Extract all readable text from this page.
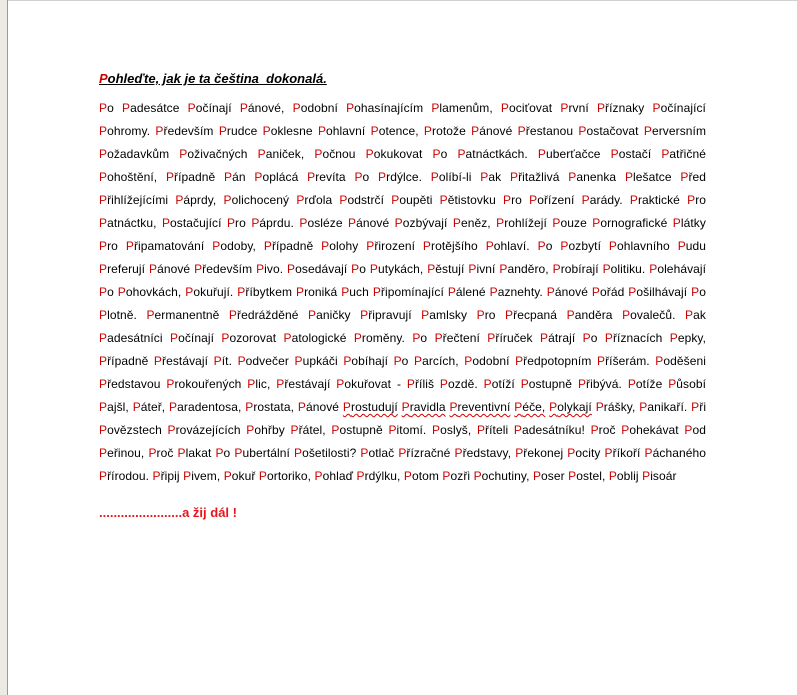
Pohleďte, jak je ta čeština  dokonalá.

Po Padesátce Počínají Pánové, Podobní Pohasínajícím Plamenům, Pociťovat První Příznaky Počínající Pohromy. Především Prudce Poklesne Pohlavní Potence, Protože Pánové Přestanou Postačovat Perversním Požadavkům Poživačných Paniček, Počnou Pokukovat Po Patnáctkách. Puberťačce Postačí Patřičné Pohoštění, Případně Pán Poplácá Prevíta Po Prdýlce. Políbí-li Pak Přitažlivá Panenka Plešatce Před Přihlížejícími Páprdy, Polichocený Prďola Podstrčí Poupěti Pětistovku Pro Pořízení Parády. Praktické Pro Patnáctku, Postačující Pro Páprdu. Posléze Pánové Pozbývají Peněz, Prohlížejí Pouze Pornografické Plátky Pro Připamatování Podoby, Případně Polohy Přirození Protějšího Pohlaví. Po Pozbytí Pohlavního Pudu Preferují Pánové Především Pivo. Posedávají Po Putykách, Pěstují Pivní Panděro, Probírají Politiku. Polehávají Po Pohovkách, Pokuřují. Příbytkem Proniká Puch Připomínající Pálené Paznehty. Pánové Pořád Pošilhávají Po Plotně. Permanentně Předrážděné Paničky Připravují Pamlsky Pro Přecpaná Panděra Povalečů. Pak Padesátníci Počínají Pozorovat Patologické Proměny. Po Přečtení Příruček Pátrají Po Příznacích Pepky, Případně Přestávají Pít. Podvečer Pupkáči Pobíhají Po Parcích, Podobní Předpotopním Příšerám. Poděšeni Představou Prokouřených Plic, Přestávají Pokuřovat - Příliš Pozdě. Potíží Postupně Přibývá. Potíže Působí Pajšl, Páteř, Paradentosa, Prostata, Pánové Prostudují Pravidla Preventivní Péče, Polykají Prášky, Panikaří. Při Povězstech Provázejících Pohřby Přátel, Postupně Pitomí. Poslyš, Příteli Padesátníku! Proč Pohekávat Pod Peřinou, Proč Plakat Po Pubertální Pošetilosti? Potlač Přízračné Představy, Překonej Pocity Příkoří Páchaného Přírodou. Připij Pivem, Pokuř Portoriko, Pohlaď Prdýlku, Potom Pozři Pochutiny, Poser Postel, Poblij Pisoár

.......................a žij dál !
